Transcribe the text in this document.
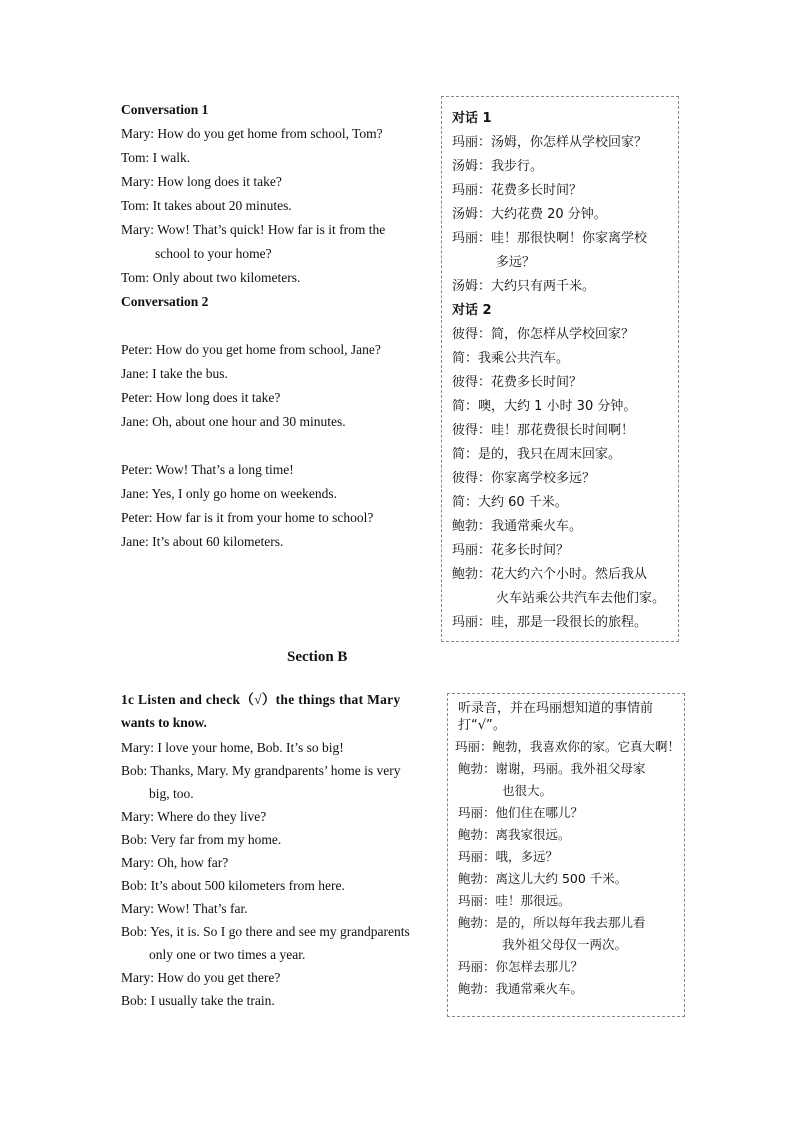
Conversation 1
Mary: How do you get home from school, Tom?
Tom: I walk.
Mary: How long does it take?
Tom: It takes about 20 minutes.
Mary: Wow! That’s quick! How far is it from the
school to your home?
Tom: Only about two kilometers.
Conversation 2
Peter: How do you get home from school, Jane?
Jane: I take the bus.
Peter: How long does it take?
Jane: Oh, about one hour and 30 minutes.
Peter: Wow! That’s a long time!
Jane: Yes, I only go home on weekends.
Peter: How far is it from your home to school?
Jane: It’s about 60 kilometers.
对话 1
玛丽：汤姆，你怎样从学校回家？
汤姆：我步行。
玛丽：花费多长时间？
汤姆：大约花费 20 分钟。
玛丽：哇！那很快啊！你家离学校
多远？
汤姆：大约只有两千米。
对话 2
彼得：简，你怎样从学校回家？
简：我乘公共汽车。
彼得：花费多长时间？
简：噢，大约 1 小时 30 分钟。
彼得：哇！那花费很长时间啊！
简：是的，我只在周末回家。
彼得：你家离学校多远？
简：大约 60 千米。
鲍勃：我通常乘火车。
玛丽：花多长时间？
鲍勃：花大约六个小时。然后我从
火车站乘公共汽车去他们家。
玛丽：哇，那是一段很长的旅程。
Section B
1c Listen and check（√）the things that Mary
wants to know.
Mary: I love your home, Bob. It’s so big!
Bob: Thanks, Mary. My grandparents’ home is very
big, too.
Mary: Where do they live?
Bob: Very far from my home.
Mary: Oh, how far?
Bob: It’s about 500 kilometers from here.
Mary: Wow! That’s far.
Bob: Yes, it is. So I go there and see my grandparents
only one or two times a year.
Mary: How do you get there?
Bob: I usually take the train.
听录音，并在玛丽想知道的事情前
打“√”。
玛丽：鲍勃，我喜欢你的家。它真大啊！
鲍勃：谢谢，玛丽。我外祖父母家
也很大。
玛丽：他们住在哪儿？
鲍勃：离我家很远。
玛丽：哦，多远？
鲍勃：离这儿大约 500 千米。
玛丽：哇！那很远。
鲍勃：是的，所以每年我去那儿看
我外祖父母仅一两次。
玛丽：你怎样去那儿？
鲍勃：我通常乘火车。
